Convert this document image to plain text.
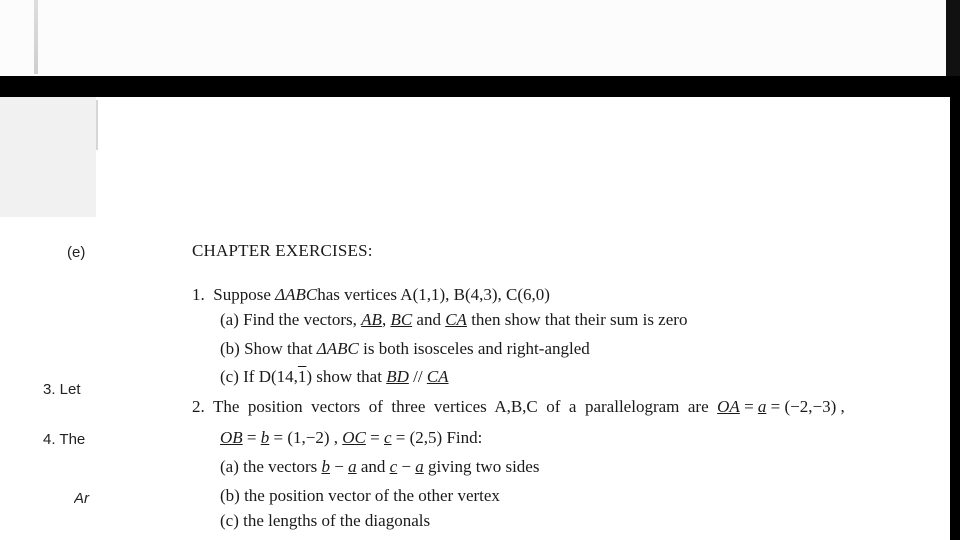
(e)
3. Let
4. The
Ar
CHAPTER EXERCISES:
1. Suppose ΔABChas vertices A(1,1), B(4,3), C(6,0)
(a) Find the vectors, AB, BC and CA then show that their sum is zero
(b) Show that ΔABC is both isosceles and right-angled
(c) If D(14,1) show that BD // CA
2. The  position  vectors  of  three  vertices  A,B,C  of  a  parallelogram  are  OA = a = (−2,−3) ,
OB = b = (1,−2) , OC = c = (2,5) Find:
(a) the vectors b − a and c − a giving two sides
(b) the position vector of the other vertex
(c) the lengths of the diagonals
